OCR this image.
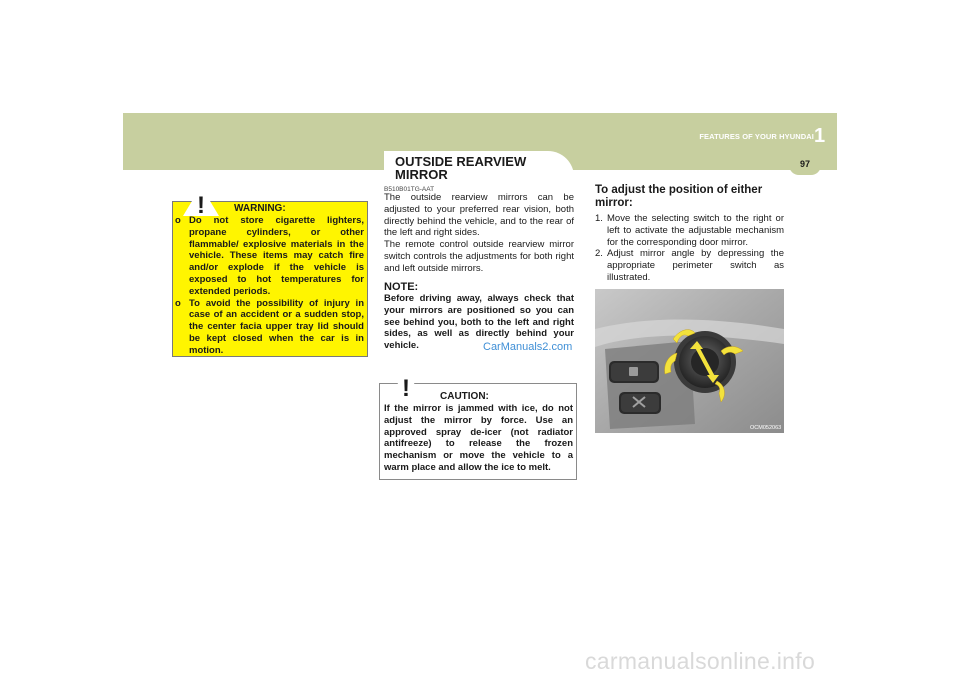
FEATURES OF YOUR HYUNDAI 1
97
OUTSIDE REARVIEW
MIRROR
!	WARNING:
o Do not store cigarette lighters, propane cylinders, or other flammable/ explosive materials in the vehicle. These items may catch fire and/or explode if the vehicle is exposed to hot temperatures for extended periods.
o To avoid the possibility of injury in case of an accident or a sudden stop, the center facia upper tray lid should be kept closed when the car is in motion.
B510B01TG-AAT
The outside rearview mirrors can be adjusted to your preferred rear vision, both directly behind the vehicle, and to the rear of the left and right sides.
The remote control outside rearview mirror switch controls the adjustments for both right and left outside mirrors.
NOTE:
Before driving away, always check that your mirrors are positioned so you can see behind you, both to the left and right sides, as well as directly behind your vehicle.	CarManuals2.com
!	CAUTION:
If the mirror is jammed with ice, do not adjust the mirror by force. Use an approved spray de-icer (not radiator antifreeze) to release the frozen mechanism or move the vehicle to a warm place and allow the ice to melt.
To adjust the position of either mirror:
1. Move the selecting switch to the right or left to activate the adjustable mechanism for the corresponding door mirror.
2. Adjust mirror angle by depressing the appropriate perimeter switch as illustrated.
OCM052063
carmanualsonline.info
